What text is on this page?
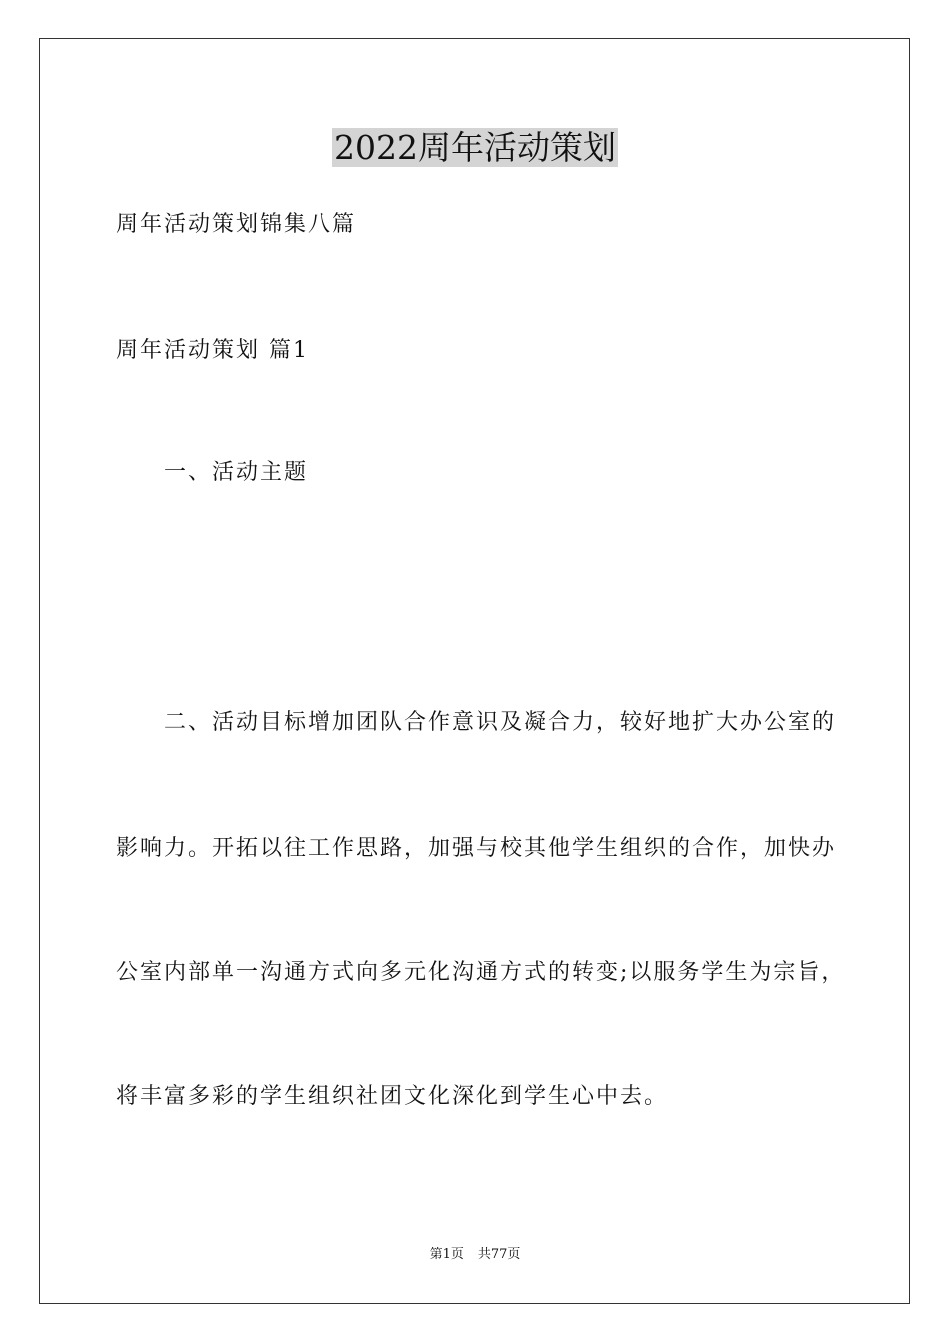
2022周年活动策划
周年活动策划锦集八篇
周年活动策划 篇1
一、活动主题
二、活动目标增加团队合作意识及凝合力，较好地扩大办公室的
影响力。开拓以往工作思路，加强与校其他学生组织的合作，加快办
公室内部单一沟通方式向多元化沟通方式的转变;以服务学生为宗旨，
将丰富多彩的学生组织社团文化深化到学生心中去。
第1页 共77页
